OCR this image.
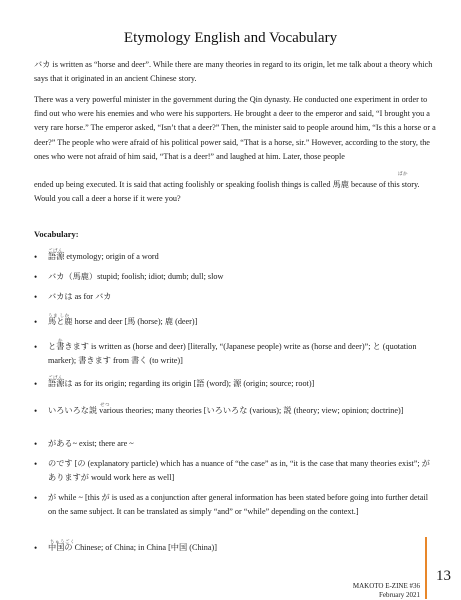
Etymology English and Vocabulary

バカ is written as “horse and deer”. While there are many theories in regard to its origin, let me talk about a theory which says that it originated in an ancient Chinese story.

There was a very powerful minister in the government during the Qin dynasty. He conducted one experiment in order to find out who were his enemies and who were his supporters. He brought a deer to the emperor and said, “I brought you a very rare horse.” The emperor asked, “Isn’t that a deer?” Then, the minister said to people around him, “Is this a horse or a deer?” The people who were afraid of his political power said, “That is a horse, sir.” However, according to the story, the ones who were not afraid of him said, “That is a deer!” and laughed at him. Later, those people

ばか

ended up being executed. It is said that acting foolishly or speaking foolish things is called 馬鹿 because of this story. Would you call a deer a horse if it were you?

Vocabulary:
•
ごげん
語源 etymology; origin of a word
• バカ（馬鹿）stupid; foolish; idiot; dumb; dull; slow
• バカは as for バカ
•
うま しか
馬と鹿 horse and deer [馬 (horse); 鹿 (deer)]
•
か
と書きます is written as (horse and deer) [literally, “(Japanese people) write as (horse and deer)”; と (quotation marker); 書きます from 書く (to write)]
•
ごげん
語源は as for its origin; regarding its origin [語 (word); 源 (origin; source; root)]
•
せつ
いろいろな説 various theories; many theories [いろいろな (various); 説 (theory; view; opinion; doctrine)]
• がある~ exist; there are ~
• のです [の (explanatory particle) which has a nuance of “the case” as in, “it is the case that many theories exist”; がありますが would work here as well]
• が while ~ [this が is used as a conjunction after general information has been stated before going into further detail on the same subject. It can be translated as simply “and” or “while” depending on the context.]
•
ちゅうごく
中国の Chinese; of China; in China [中国 (China)]
MAKOTO E-ZINE #36
February 2021
13
